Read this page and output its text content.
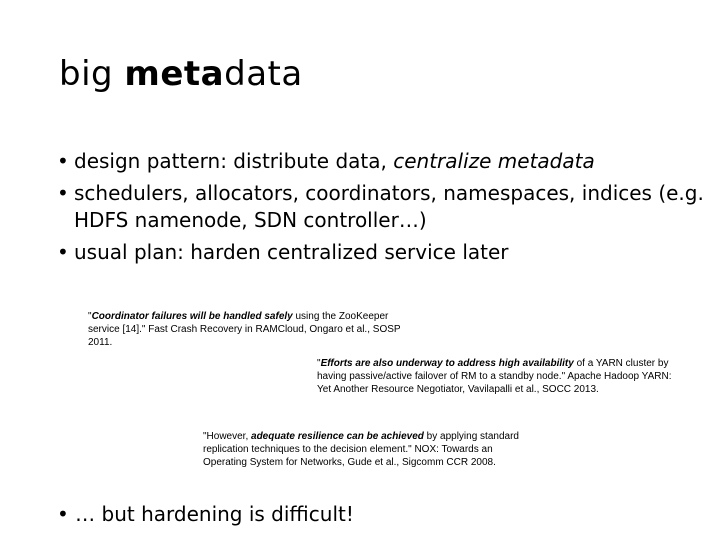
big metadata
• design pattern: distribute data, centralize metadata
• schedulers, allocators, coordinators, namespaces, indices (e.g. HDFS namenode, SDN controller…)
• usual plan: harden centralized service later
"Coordinator failures will be handled safely using the ZooKeeper service [14]." Fast Crash Recovery in RAMCloud, Ongaro et al., SOSP 2011.
"Efforts are also underway to address high availability of a YARN cluster by having passive/active failover of RM to a standby node." Apache Hadoop YARN: Yet Another Resource Negotiator, Vavilapalli et al., SOCC 2013.
"However, adequate resilience can be achieved by applying standard replication techniques to the decision element." NOX: Towards an Operating System for Networks, Gude et al., Sigcomm CCR 2008.
• … but hardening is difficult!
